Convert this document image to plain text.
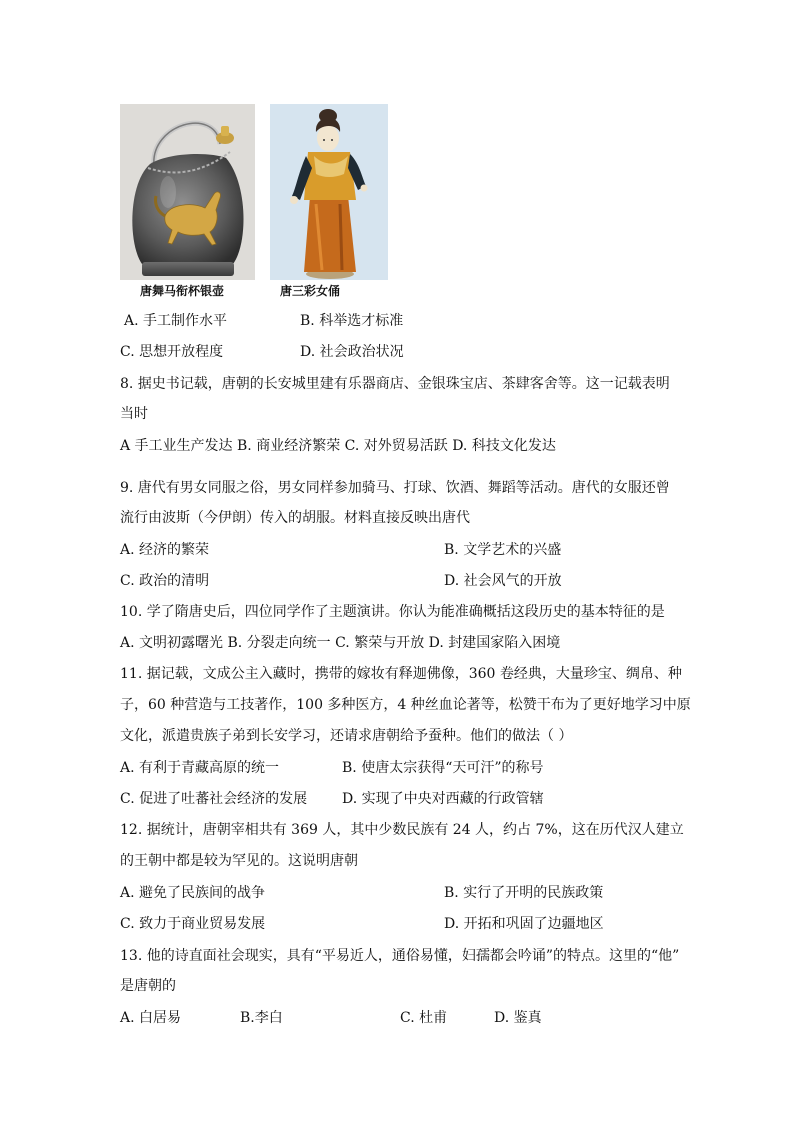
唐舞马衔杯银壶	唐三彩女俑
A. 手工制作水平	B. 科举选才标准
C. 思想开放程度	D. 社会政治状况
8. 据史书记载，唐朝的长安城里建有乐器商店、金银珠宝店、茶肆客舍等。这一记载表明
当时
A 手工业生产发达 B. 商业经济繁荣 C. 对外贸易活跃 D. 科技文化发达
9. 唐代有男女同服之俗，男女同样参加骑马、打球、饮酒、舞蹈等活动。唐代的女服还曾
流行由波斯（今伊朗）传入的胡服。材料直接反映出唐代
A. 经济的繁荣	B. 文学艺术的兴盛
C. 政治的清明	D. 社会风气的开放
10. 学了隋唐史后，四位同学作了主题演讲。你认为能准确概括这段历史的基本特征的是
A. 文明初露曙光 B. 分裂走向统一 C. 繁荣与开放 D. 封建国家陷入困境
11. 据记载，文成公主入藏时，携带的嫁妆有释迦佛像，360 卷经典，大量珍宝、绸帛、种
子，60 种营造与工技著作，100 多种医方，4 种丝血论著等，松赞干布为了更好地学习中原
文化，派遣贵族子弟到长安学习，还请求唐朝给予蚕种。他们的做法（ ）
A. 有利于青藏高原的统一	B. 使唐太宗获得“天可汗”的称号
C. 促进了吐蕃社会经济的发展 D. 实现了中央对西藏的行政管辖
12. 据统计，唐朝宰相共有 369 人，其中少数民族有 24 人，约占 7%，这在历代汉人建立
的王朝中都是较为罕见的。这说明唐朝
A. 避免了民族间的战争	B. 实行了开明的民族政策
C. 致力于商业贸易发展	D. 开拓和巩固了边疆地区
13. 他的诗直面社会现实，具有“平易近人，通俗易懂，妇孺都会吟诵”的特点。这里的“他”
是唐朝的
A. 白居易	B.李白	C. 杜甫	D. 鉴真
